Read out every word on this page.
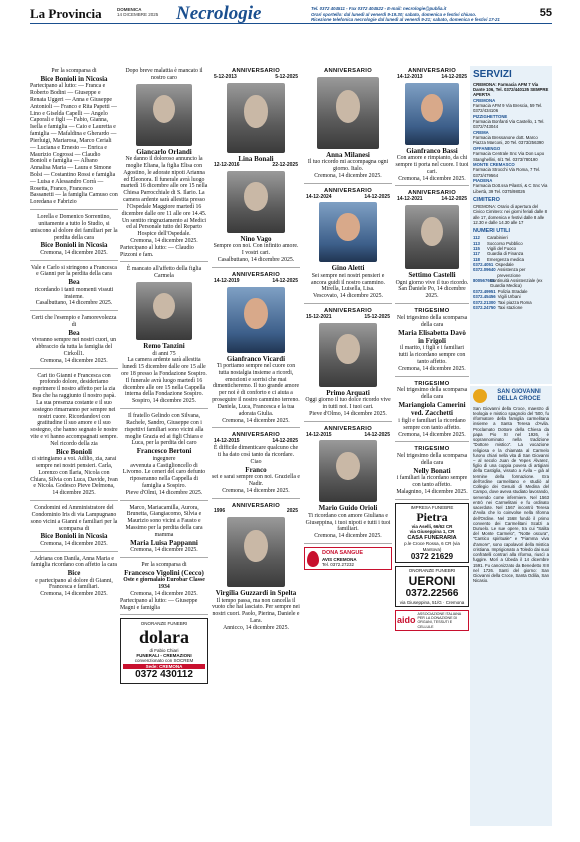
La Provincia	DOMENICA
14 DICEMBRE 2025 Necrologie	Tel. 0372 404511 - Fax 0372 404522 - E-mail: necrologie@publia.it
Orari sportello: dal lunedì al venerdì 9-19.30; sabato, domenica e festivi chiuso.
Ricezione telefonica necrologie dal lunedì al venerdì 9-21; sabato, domenica e festivi 17-21
55

Per la scomparsa di

Bice Bonioli in Nicosia

Partecipano al lutto: — Franca e Roberto Bodini — Giuseppe e Renata Uggeri — Anna e Giuseppe Antonioli — Franco e Rita Papetti — Lino e Giselda Capelli — Angelo Caporali e figli — Fabio, Gianna, Isella e famiglia — Caio e Lauretta e famiglia — Mafaldina e Gherardo — Pierluigi, Mariarosa, Marco Ceriali — Luciana e Ernesto — Enrica e Maurizio Cogrossi — Claudio Bonioli e famiglia — Albano Annalisa Maria — Laura e Simone Bolsi — Costantino Rossi e famiglia — Luisa e Alessandro Corrà — Rosetta, Franco, Francesco Bassanetti — la famiglia Camuso con Loredana e Fabrizio

Lorella e Domenico Sorrentino, unitamente a tutto lo Studio, si uniscono al dolore dei familiari per la perdita della cara

Bice Bonioli in Nicosia

Cremona, 14 dicembre 2025.

Vale e Carlo si stringono a Francesca e Gianni per la perdita della cara

Bea

ricordando i tanti momenti vissuti insieme.

Casalbuttano, 14 dicembre 2025.

Certi che l'esempio e l'amorevolezza di

Bea

vivranno sempre nei nostri cuori, un abbraccio da tutta la famiglia del Cirkoll1.

Cremona, 14 dicembre 2025.

Cari tio Gianni e Francesca con profondo dolore, desideriamo esprimere il nostro affetto per la zia Bea che ha raggiunto il nostro papà. La sua presenza costante e il suo sostegno rimarranno per sempre nei nostri cuore. Ricordandovi con gratitudine il suo amore e il suo sostegno, che hanno segnato le nostre vite e vi hanno accompagnati sempre. Nel ricordo della zia

Bice Bonioli

ci stringiamo a voi. Adilio, zia, zarai sempre nei nostri pensieri. Carla, Lorenzo con Ilaria, Nicola con Chiara, Silvia con Luca, Davide, Ivan e Nicola. Godesco Pieve Delmona, 14 dicembre 2025.

Condomini ed Amministratore del Condominio Iris di via Lampugnano sono vicini a Gianni e familiari per la scomparsa di

Bice Bonioli in Nicosia

Cremona, 14 dicembre 2025.

Adriana con Danila, Anna Maria e famiglia ricordano con affetto la cara

Bice

e partecipano al dolore di Gianni, Francesca e familiari.

Cremona, 14 dicembre 2025.

Dopo breve malattia è mancato il nostro caro

Giancarlo Orlandi

Ne danno il doloroso annuncio la moglie Eliana, la figlia Elisa con Agostino, le adorate nipoti Arianna ed Eleonora. Il funerale avrà luogo martedì 16 dicembre alle ore 15 nella Chiesa Parrocchiale di S. Ilario. La camera ardente sarà allestita presso l'Ospedale Maggiore martedì 16 dicembre dalle ore 11 alle ore 14.45. Un sentito ringraziamento ai Medici ed al Personale tutto del Reparto Hospice dell'Ospedale.

Cremona, 14 dicembre 2025.

Partecipano al lutto: — Claudio Pizzoni e fam.

È mancato all'affetto della figlia Carmela

Remo Tanzini

di anni 75

La camera ardente sarà allestita lunedì 15 dicembre dalle ore 15 alle ore 18 presso la Fondazione Sospiro. Il funerale avrà luogo martedì 16 dicembre alle ore 15 nella Cappella interna della Fondazione Sospiro.

Sospiro, 14 dicembre 2025.

Il fratello Gelindo con Silvana, Rachele, Sandro, Giuseppe con i rispettivi familiari sono vicini alla moglie Grazia ed ai figli Chiara e Luca, per la perdita del caro

Francesco Bertoni

ingegnere

avvenuta a Castiglioncello di Livorno. Le ceneri del caro defunto riposeranno nella Cappella di famiglia a Sospiro.

Pieve d'Olmi, 14 dicembre 2025.

Marco, Mariacamilla, Aurora, Brunetta, Giangiacomo, Silvia e Maurizio sono vicini a Fausto e Massimo per la perdita della cara mamma

Maria Luisa Pappanni

Cremona, 14 dicembre 2025.

Per la scomparsa di

Francesco Vigolini (Cecco)

Oste e giornalaio Eurobar Classe 1934

Cremona, 14 dicembre 2025.

Partecipano al lutto: — Giuseppe Magni e famiglia

ONORANZE FUNEBRI
dolara
di Fabio Chiari
FUNERALI - CREMAZIONI
convenzionato con SOCREM
Sede: CREMONA
0372 430112

ANNIVERSARIO

5-12-2013	5-12-2025

Lina Bonali

12-12-2016	22-12-2025

Nino Vago

Sempre con noi. Con infinito amore. I vostri cari.

Casalbuttano, 14 dicembre 2025.

ANNIVERSARIO

14-12-2019	14-12-2025

Gianfranco Vicardi

Ti portiamo sempre nel cuore con tutta nostalgia insieme a ricordi, emozioni e sorrisi che mai dimenticheremo. Il tuo grande amore per noi è di conforto e ci aiuta a proseguire il nostro cammino terreno. Daniela, Luca, Francesca e la tua adorata Giulia.

Cremona, 14 dicembre 2025.

ANNIVERSARIO

14-12-2015	14-12-2025

È difficile dimenticare qualcuno che ti ha dato così tanto da ricordare. Ciao

Franco

sei e sarai sempre con noi. Graziella e Nadir.

Cremona, 14 dicembre 2025.

ANNIVERSARIO

1996	2025

Virgilia Guzzardi in Spelta

Il tempo passa, ma non cancella il vuoto che hai lasciato. Per sempre nei nostri cuori. Paolo, Pierina, Daniele e Lara.

Annicco, 14 dicembre 2025.

ANNIVERSARIO

Anna Milanesi

Il tuo ricordo mi accompagna ogni giorno. Italo.

Cremona, 14 dicembre 2025.

ANNIVERSARIO

14-12-2024	14-12-2025

Gino Aletti

Sei sempre nei nostri pensieri e ancora guidi il nostro cammino. Mirella, Luisella, Lisa.

Vescovato, 14 dicembre 2025.

ANNIVERSARIO

15-12-2021	15-12-2025

Primo Arquati

Oggi giorno il tuo dolce ricordo vive in tutti noi. I tuoi cari.

Pieve d'Olmo, 14 dicembre 2025.

ANNIVERSARIO

14-12-2015	14-12-2025

Mario Guido Orioli

Ti ricordano con amore Giuliana e Giuseppina, i tuoi nipoti e tutti i tuoi familiari.

Cremona, 14 dicembre 2025.

DONA SANGUE
AVIS CREMONA
Tel. 0372.27232

ANNIVERSARIO

14-12-2013	14-12-2025

Gianfranco Bassi

Con amore e rimpianto, da chi sempre ti porta nel cuore. I tuoi cari.

Cremona, 14 dicembre 2025.

ANNIVERSARIO

14-12-2021	14-12-2025

Settimo Castelli

Ogni giorno vive il tuo ricordo. San Daniele Po, 14 dicembre 2025.

TRIGESIMO

Nel trigesimo della scomparsa della cara

Maria Elisabetta Davò in Frigoli

il marito, i figli e i familiari tutti la ricordano sempre con tanto affetto.

Cremona, 14 dicembre 2025.

TRIGESIMO

Nel trigesimo della scomparsa della cara

Mariangiola Camerini ved. Zacchetti

i figli e familiari la ricordano sempre con tanto affetto.

Cremona, 14 dicembre 2025.

TRIGESIMO

Nel trigesimo della scomparsa della cara

Nelly Bonati

i familiari la ricordano sempre con tanto affetto.

Malagnino, 14 dicembre 2025.

IMPRESA FUNEBRE
Pietra
via Aselli, 66/62 CR
via Giuseppina 1, CR
CASA FUNERARIA
p.le Croce Rossa, 6 CR (via Mantova)
0372 21629
ONORANZE FUNEBRI
UERONI
0372.22566
via Giuseppina, 51/G · Cremona
aido
ASSOCIAZIONE ITALIANA PER LA DONAZIONE DI ORGANI, TESSUTI E CELLULE
SERVIZI
CREMONA: Farmacia AFM 7 Via Dante 106, Tel. 0372/440135 SEMPRE APERTA
CREMONA
Farmacia AFM 9 Via Brescia, 59 Tel. 0372/434106
PIZZIGHETTONE
Farmacia Bonfanti Via Castello, 1 Tel. 0372/743044
CREMA
Farmacia Bressanone dott. Marco Piazza Marconi, 20 Tel. 0373/256390
OFFANENGO
Farmacia Centrale Snc Via Don Lupo Stanghellini, 6/1 Tel. 0373/780190
MONTE CREMASCO
Farmacia Strocchi Via Roma, 7 Tel. 0373/479564
PIADENA
Farmacia Dott.ssa Pilastri, & C Snc Via Libertà, 39 Tel. 0375/98026
CIMITERO
CREMONA: Orario di apertura del Civico Cimitero: nei giorni feriali dalle 8 alle 17, domenica e festivi dalle 8 alle 12.30 e dalle 14.30 alle 17
NUMERI UTILI
112	Carabinieri
113	Soccorso Pubblico
115	Vigili del Fuoco
117	Guardia di Finanza
118	Emergenza medica
0372.4051 Ospedale
0372.09640 Assistenza per prevenzione
800567666
Continuità Assistenziale (ex Guardia Medica)
0372.49951 Polizia Stradale
0372.45456 Vigili Urbani
0372.21300 Taxi piazza Roma
0372.24750 Taxi stazione
SAN GIOVANNI DELLA CROCE
San Giovanni della Croce, maestro di teologia e mistico spagnolo del '500, fu riformatore della famiglia carmelitana insieme a Santa Teresa d'Avila. Proclamato Dottore della Chiesa da papa Pio XI nel 1926, è soprannominato nella tradizione "Dottore mistico". La vocazione religiosa e la chiamata al Carmelo furono chiari nella vita di San Giovanni – al secolo Juan de Yepes Álvarez, figlio di una coppia povera di artigiani della Castiglia, vissuto a Ávila – già al termine della formazione. Era dell'ordine carmelitano e studiò al Collegio dei Gesuiti di Medina del Campo, dove aveva studiato lavorando, servendo come infermiere. Nel 1563 entrò nei Carmelitani e fu ordinato sacerdote. Nel 1567 incontrò Teresa d'Avila che lo coinvolse nella riforma dell'Ordine. Nel 1568 fondò il primo convento dei Carmelitani Scalzi a Duruelo. Le sue opere, tra cui "Salita del Monte Carmelo", "Notte oscura", "Cantico spirituale" e "Fiamma viva d'amore", sono capolavori della mistica cristiana. Imprigionato a Toledo dai suoi confratelli contrari alla riforma, riuscì a fuggire. Morì a Úbeda il 14 dicembre 1591. Fu canonizzato da Benedetto XIII nel 1726. Santi del giorno: San Giovanni della Croce, Santa Odilia, San Nicasio.
